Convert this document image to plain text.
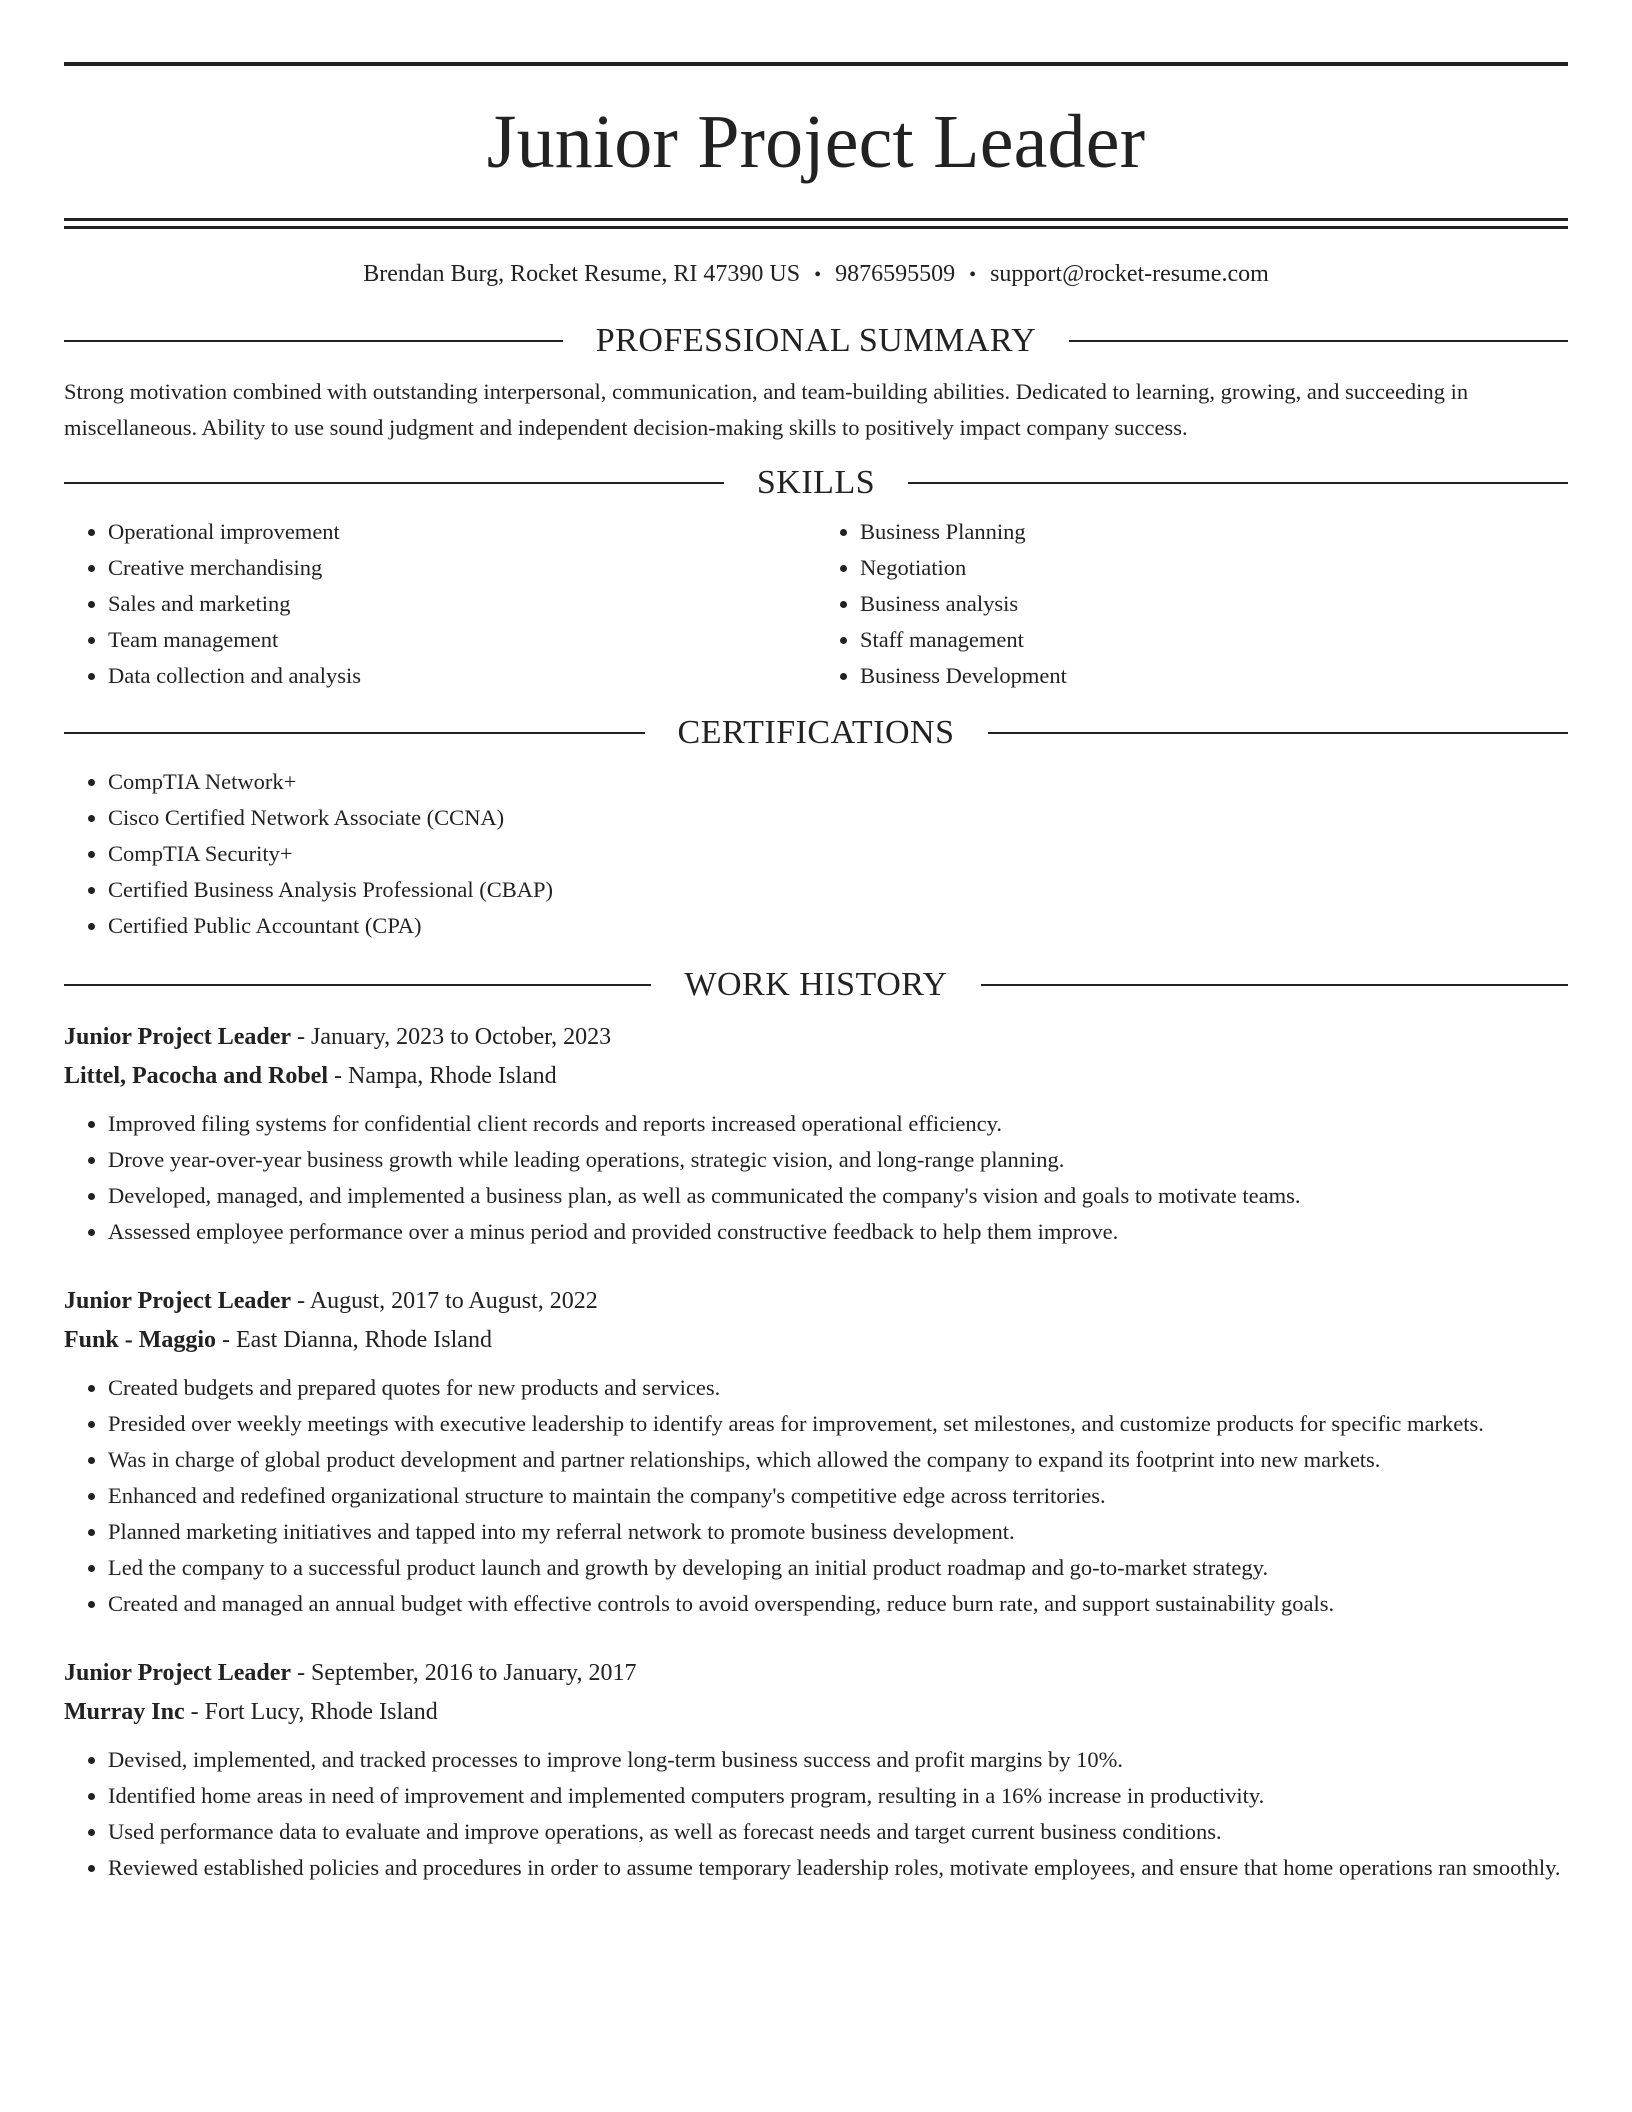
Junior Project Leader
Brendan Burg, Rocket Resume, RI 47390 US • 9876595509 • support@rocket-resume.com
PROFESSIONAL SUMMARY

Strong motivation combined with outstanding interpersonal, communication, and team-building abilities. Dedicated to learning, growing, and succeeding in miscellaneous. Ability to use sound judgment and independent decision-making skills to positively impact company success.

SKILLS
• Operational improvement
• Creative merchandising
• Sales and marketing
• Team management
• Data collection and analysis
• Business Planning
• Negotiation
• Business analysis
• Staff management
• Business Development
CERTIFICATIONS
• CompTIA Network+
• Cisco Certified Network Associate (CCNA)
• CompTIA Security+
• Certified Business Analysis Professional (CBAP)
• Certified Public Accountant (CPA)
WORK HISTORY
Junior Project Leader - January, 2023 to October, 2023
Littel, Pacocha and Robel - Nampa, Rhode Island
• Improved filing systems for confidential client records and reports increased operational efficiency.
• Drove year-over-year business growth while leading operations, strategic vision, and long-range planning.
• Developed, managed, and implemented a business plan, as well as communicated the company's vision and goals to motivate teams.
• Assessed employee performance over a minus period and provided constructive feedback to help them improve.
Junior Project Leader - August, 2017 to August, 2022
Funk - Maggio - East Dianna, Rhode Island
• Created budgets and prepared quotes for new products and services.
• Presided over weekly meetings with executive leadership to identify areas for improvement, set milestones, and customize products for specific markets.
• Was in charge of global product development and partner relationships, which allowed the company to expand its footprint into new markets.
• Enhanced and redefined organizational structure to maintain the company's competitive edge across territories.
• Planned marketing initiatives and tapped into my referral network to promote business development.
• Led the company to a successful product launch and growth by developing an initial product roadmap and go-to-market strategy.
• Created and managed an annual budget with effective controls to avoid overspending, reduce burn rate, and support sustainability goals.
Junior Project Leader - September, 2016 to January, 2017
Murray Inc - Fort Lucy, Rhode Island
• Devised, implemented, and tracked processes to improve long-term business success and profit margins by 10%.
• Identified home areas in need of improvement and implemented computers program, resulting in a 16% increase in productivity.
• Used performance data to evaluate and improve operations, as well as forecast needs and target current business conditions.
• Reviewed established policies and procedures in order to assume temporary leadership roles, motivate employees, and ensure that home operations ran smoothly.
